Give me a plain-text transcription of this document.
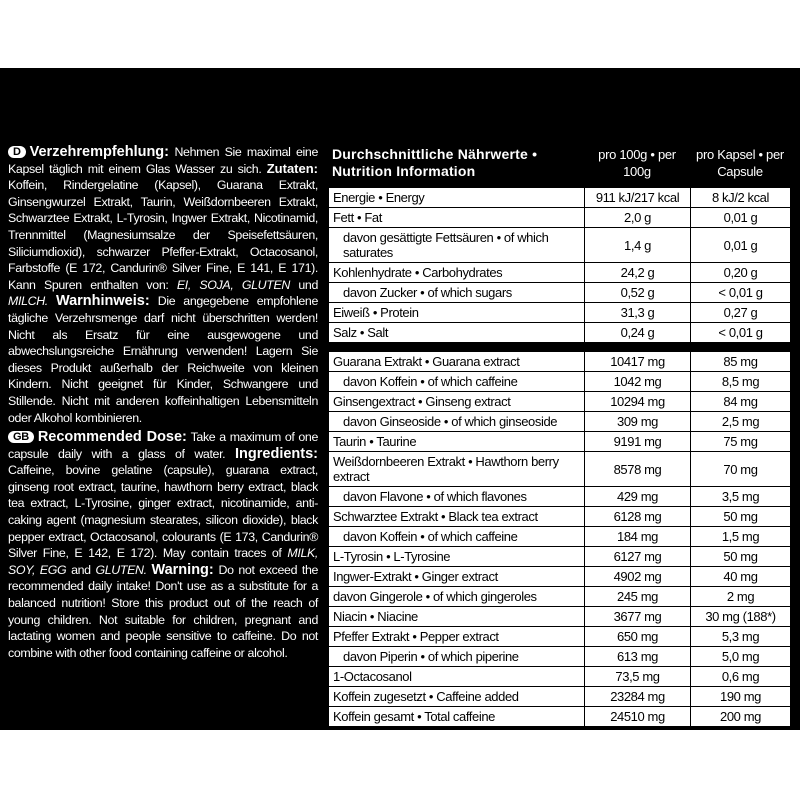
D Verzehrempfehlung: Nehmen Sie maximal eine Kapsel täglich mit einem Glas Wasser zu sich. Zutaten: Koffein, Rindergelatine (Kapsel), Guarana Extrakt, Ginsengwurzel Extrakt, Taurin, Weißdornbeeren Extrakt, Schwarztee Extrakt, L-Tyrosin, Ingwer Extrakt, Nicotinamid, Trennmittel (Magnesiumsalze der Speisefettsäuren, Siliciumdioxid), schwarzer Pfeffer-Extrakt, Octacosanol, Farbstoffe (E 172, Candurin® Silver Fine, E 141, E 171). Kann Spuren enthalten von: EI, SOJA, GLUTEN und MILCH. Warnhinweis: Die angegebene empfohlene tägliche Verzehrsmenge darf nicht überschritten werden! Nicht als Ersatz für eine ausgewogene und abwechslungsreiche Ernährung verwenden! Lagern Sie dieses Produkt außerhalb der Reichweite von kleinen Kindern. Nicht geeignet für Kinder, Schwangere und Stillende. Nicht mit anderen koffeinhaltigen Lebensmitteln oder Alkohol kombinieren.

GB Recommended Dose: Take a maximum of one capsule daily with a glass of water. Ingredients: Caffeine, bovine gelatine (capsule), guarana extract, ginseng root extract, taurine, hawthorn berry extract, black tea extract, L-Tyrosine, ginger extract, nicotinamide, anti-caking agent (magnesium stearates, silicon dioxide), black pepper extract, Octacosanol, colourants (E 173, Candurin® Silver Fine, E 142, E 172). May contain traces of MILK, SOY, EGG and GLUTEN. Warning: Do not exceed the recommended daily intake! Don't use as a substitute for a balanced nutrition! Store this product out of the reach of young children. Not suitable for children, pregnant and lactating women and people sensitive to caffeine. Do not combine with other food containing caffeine or alcohol.

Durchschnittliche Nährwerte • Nutrition Information
pro 100g • per 100g
pro Kapsel • per Capsule
Energie • Energy	911 kJ/217 kcal	8 kJ/2 kcal
Fett • Fat	2,0 g	0,01 g
davon gesättigte Fettsäuren • of which saturates	1,4 g	0,01 g
Kohlenhydrate • Carbohydrates	24,2 g	0,20 g
davon Zucker • of which sugars	0,52 g	< 0,01 g
Eiweiß • Protein	31,3 g	0,27 g
Salz • Salt	0,24 g	< 0,01 g
Guarana Extrakt • Guarana extract	10417 mg	85 mg
davon Koffein • of which caffeine	1042 mg	8,5 mg
Ginsengextract • Ginseng extract	10294 mg	84 mg
davon Ginseoside • of which ginseoside	309 mg	2,5 mg
Taurin • Taurine	9191 mg	75 mg
Weißdornbeeren Extrakt • Hawthorn berry extract	8578 mg	70 mg
davon Flavone • of which flavones	429 mg	3,5 mg
Schwarztee Extrakt • Black tea extract	6128 mg	50 mg
davon Koffein • of which caffeine	184 mg	1,5 mg
L-Tyrosin • L-Tyrosine	6127 mg	50 mg
Ingwer-Extrakt • Ginger extract	4902 mg	40 mg
davon Gingerole • of which gingeroles	245 mg	2 mg
Niacin • Niacine	3677 mg	30 mg (188*)
Pfeffer Extrakt • Pepper extract	650 mg	5,3 mg
davon Piperin • of which piperine	613 mg	5,0 mg
1-Octacosanol	73,5 mg	0,6 mg
Koffein zugesetzt • Caffeine added	23284 mg	190 mg
Koffein gesamt • Total caffeine	24510 mg	200 mg
